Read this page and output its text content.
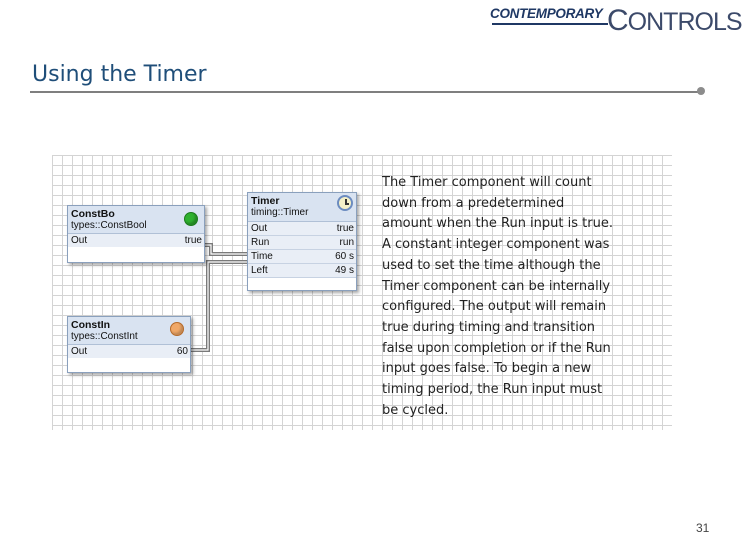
CONTEMPORARY CONTROLS
Using the Timer
ConstBo
types::ConstBool
Out	true
Timer
timing::Timer
Out	true
Run	run
Time	60 s
Left	49 s
ConstIn
types::ConstInt
Out	60
The Timer component will count
down from a predetermined
amount when the Run input is true.
A constant integer component was
used to set the time although the
Timer component can be internally
configured. The output will remain
true during timing and transition
false upon completion or if the Run
input goes false. To begin a new
timing period, the Run input must
be cycled.
31
